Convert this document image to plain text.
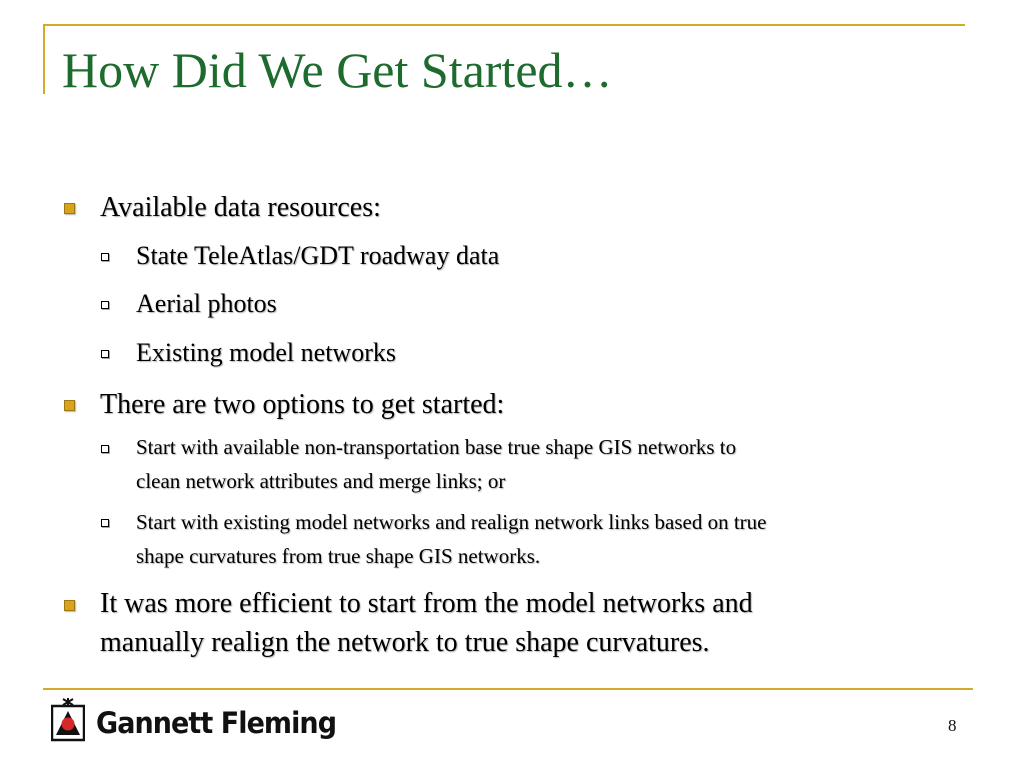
How Did We Get Started…
Available data resources:
State TeleAtlas/GDT roadway data
Aerial photos
Existing model networks
There are two options to get started:
Start with available non-transportation base true shape GIS networks to
clean network attributes and merge links; or
Start with existing model networks and realign network links based on true
shape curvatures from true shape GIS networks.
It was more efficient to start from the model networks and
manually realign the network to true shape curvatures.
Gannett Fleming	8
